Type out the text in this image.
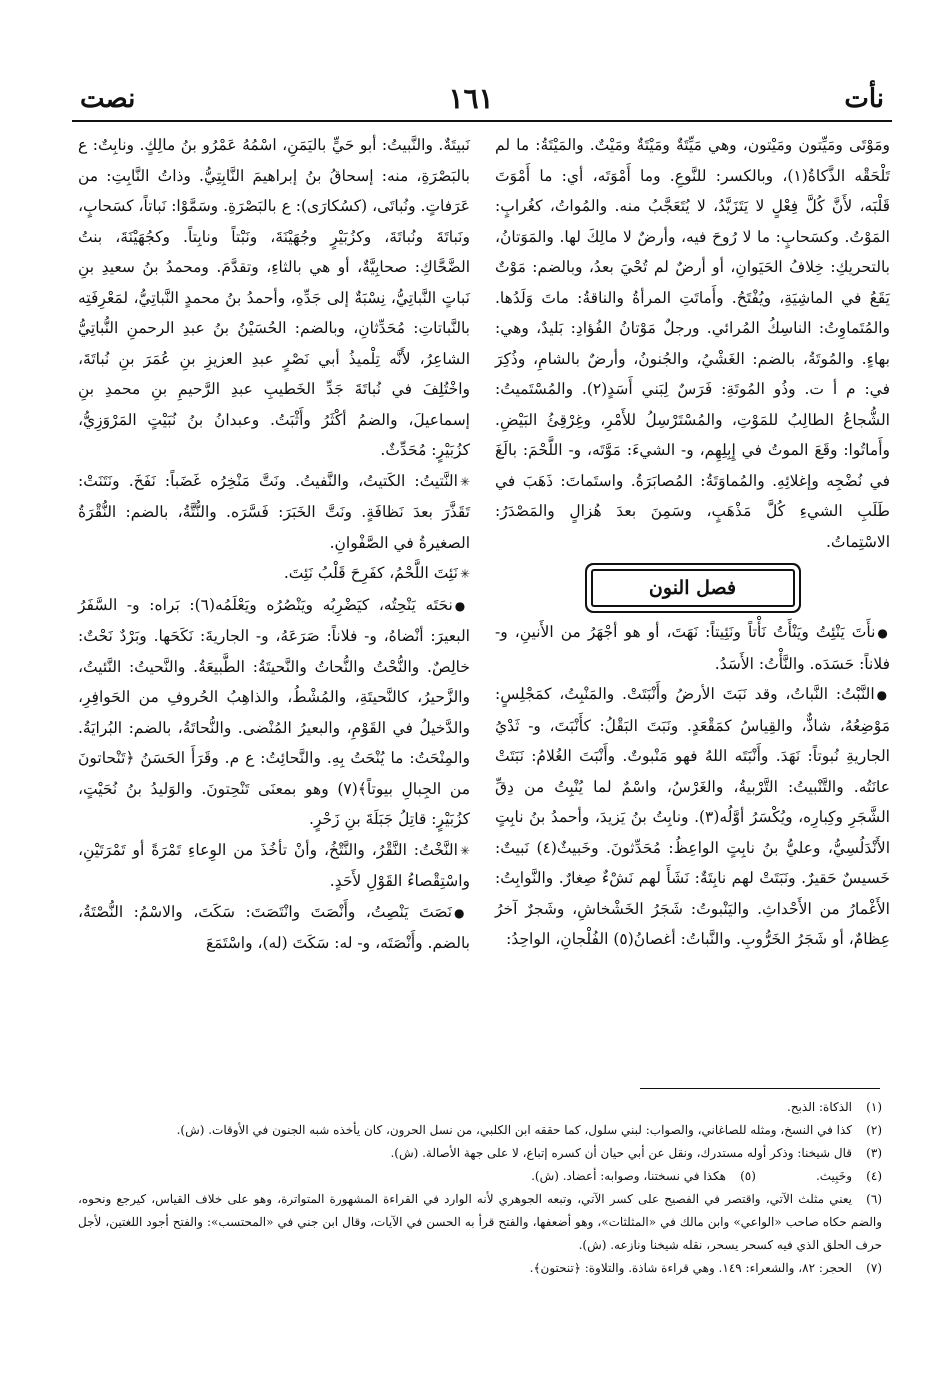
نأت
١٦١
نصت

ومَوْتَى ومَيِّتون ومَيْتون، وهي مَيِّتَةٌ ومَيْتَةٌ ومَيْتٌ. والمَيْتَةُ: ما لم تَلْحَقْه الذَّكاةُ(١)، وبالكسر: للنَّوعِ. وما أَمْوَتَه، أي: ما أَمْوَتَ قَلْبَه، لأَنَّ كُلَّ فِعْلٍ لا يَتَزَيَّدُ، لا يُتَعَجَّبُ منه. والمُواتُ، كغُرابٍ: المَوْتُ. وكسَحابٍ: ما لا رُوحَ فيه، وأرضٌ لا مالِكَ لها. والمَوَتانُ، بالتحريكِ: خِلافُ الحَيَوانِ، أو أرضٌ لم تُحْيَ بعدُ، وبالضم: مَوْتٌ يَقَعُ في الماشِيَةِ، ويُفْتَحُ. وأَماتَتِ المرأةُ والناقةُ: ماتَ وَلَدُها. والمُتَماوِتُ: الناسِكُ المُرائي. ورجلٌ مَوْتانُ الفُؤادِ: بَليدٌ، وهي: بهاءٍ. والمُوتَةُ، بالضم: الغَشْيُ، والجُنونُ، وأرضٌ بالشامِ، وذُكِرَ في: م أ ت. وذُو المُوتَةِ: فَرَسٌ لِبَني أَسَدٍ(٢). والمُسْتَميتُ: الشُّجاعُ الطالِبُ للمَوْتِ، والمُسْتَرْسِلُ للأَمْرِ، وغِرْقِئُ البَيْضِ. وأَماتُوا: وقَعَ الموتُ في إِبِلِهِم، و- الشيءَ: مَوَّتَه، و- اللَّحْمَ: بالَغَ في نُضْجِه وإغلائِهِ. والمُماوَتَةُ: المُصابَرَةُ. واستَماتَ: ذَهَبَ في طَلَبِ الشيءِ كُلَّ مَذْهَبٍ، وسَمِنَ بعدَ هُزالٍ والمَصْدَرُ: الاسْتِماتُ.

فصل النون

● نأَتَ يَنْئِتُ ويَنْأَتُ نَأْتاً ونَئِيتاً: نَهَتَ، أو هو أجْهَرُ من الأَنينِ، و- فلاناً: حَسَدَه. والنَّأْتُ: الأَسَدُ.

● النَّبْتُ: النَّباتُ، وقد نَبَتَ الأرضُ وأَنْبَتَتْ. والمَنْبِتُ، كمَجْلِسٍ: مَوْضِعُهُ، شاذٌّ، والقِياسُ كمَقْعَدٍ. ونَبَتَ البَقْلُ: كأَنْبَتَ، و- ثَدْيُ الجاريةِ نُبوتاً: نَهَدَ. وأَنْبَتَه اللهُ فهو مَنْبوتٌ. وأَنْبَتَ الغُلامُ: نَبَتَتْ عانَتُه. والتَّنْبيتُ: التَّرْبيةُ، والغَرْسُ، واسْمٌ لما يُنْبِتُ من دِقِّ الشَّجَرِ وكِبارِه، ويُكْسَرُ أوَّلُه(٣). ونابِتُ بنُ يَزيدَ، وأحمدُ بنُ نابِتٍ الأَنْدَلُسِيُّ، وعليُّ بنُ نابِتٍ الواعِظُ: مُحَدِّثونَ. وخَبيثٌ(٤) نَبيتٌ: خَسيسٌ حَقيرٌ. ونَبَتَتْ لهم نابِتَةٌ: نَشَأَ لهم نَشْءٌ صِغارٌ. والنَّوابِتُ: الأَغْمارُ من الأَحْداثِ. واليَنْبوتُ: شَجَرُ الخَشْخاشِ، وشَجرٌ آخرُ عِظامٌ، أو شَجَرُ الخَرُّوبِ. والنَّباتُ: أغصانُ(٥) الفُلْجانِ، الواحِدُ:

نَبيتَةٌ. والنَّبيتُ: أبو حَيٍّ باليَمَنِ، اسْمُهُ عَمْرُو بنُ مالِكٍ. ونابِتٌ: ع بالبَصْرَةِ، منه: إسحاقُ بنُ إبراهيمَ النَّابِتِيُّ. وذاتُ النَّابِتِ: من عَرَفاتٍ. ونُباتَى، (كسُكارَى): ع بالبَصْرَةِ. وسَمَّوْا: نَباتاً، كسَحابٍ، ونَباتَةَ ونُباتَةَ، وكزُبَيْرٍ وجُهَيْنَةَ، ونَبْتاً ونابِتاً. وكجُهَيْنَةَ، بنتُ الضَّحَّاكِ: صحابِيَّةٌ، أو هي بالثاءِ، وتقدَّمَ. ومحمدُ بنُ سعيدِ بنِ نَباتٍ النَّباتِيُّ، نِسْبَةٌ إلى جَدِّهِ، وأحمدُ بنُ محمدٍ النَّباتِيُّ، لمَعْرِفَتِه بالنَّباتاتِ: مُحَدِّثانِ، وبالضم: الحُسَيْنُ بنُ عبدِ الرحمنِ النُّباتِيُّ الشاعِرُ، لأَنَّه تِلْميذُ أبي نَصْرٍ عبدِ العزيزِ بنِ عُمَرَ بنِ نُباتَةَ، واخْتُلِفَ في نُباتَةَ جَدِّ الخَطيبِ عبدِ الرَّحيمِ بنِ محمدِ بنِ إسماعيلَ، والضمُ أكْثَرُ وأَثْبَتُ. وعبدانُ بنُ نُبَيْتٍ المَرْوَزِيُّ، كزُبَيْرٍ: مُحَدِّثٌ.

✳ النَّتيتُ: الكَتيتُ، والنَّفيتُ. ونَتَّ مَنْخِرُه غَضَباً: نَفَخَ. ونَتَنَتْ: تَقَذَّرَ بعدَ نَظافَةٍ. ونَتَّ الخَبَرَ: فَسَّرَه. والنُّتَّةُ، بالضم: النُّقْرَةُ الصغيرةُ في الصَّفْوانِ.

✳ نَئِتَ اللَّحْمُ، كفَرِحَ قَلْبُ نَئِتَ.

● نحَتَه يَنْحِتُه، كيَضْرِبُه ويَنْصُرُه ويَعْلَمُه(٦): بَراه: و- السَّفَرُ البعيرَ: أنْضاهُ، و- فلاناً: صَرَعَهُ، و- الجاريةَ: نَكَحَها. وبَرْدٌ نَحْتٌ: خالِصٌ. والنُّحْتُ والنُّحاتُ والنَّحيتَةُ: الطَّبيعَةُ. والنَّحيتُ: النَّئيتُ، والزَّحيرُ، كالنَّحيتَةِ، والمُشْطُ، والذاهِبُ الحُروفِ من الحَوافِرِ، والدَّخيلُ في القَوْمِ، والبعيرُ المُنْضى. والنُّحاتَةُ، بالضم: البُرايَةُ. والمِنْحَتُ: ما يُنْحَتُ بِهِ. والنَّحائِتُ: ع م. وقَرَأَ الحَسَنُ ﴿تَنْحاتونَ من الجِبالِ بيوتاً﴾(٧) وهو بمعنَى تَنْحِتونَ. والوَليدُ بنُ نُحَيْتٍ، كزُبَيْرٍ: قاتِلُ جَبَلَةَ بنِ زَحْرٍ.

✳ النَّخْتُ: النَّقْرُ، والنَّتْخُ، وأنْ تأخُذَ من الوِعاءِ تَمْرَةً أو تَمْرَتَيْنِ، واسْتِقْصاءُ القَوْلِ لأَحَدٍ.

● نَصَتَ يَنْصِتُ، وأَنْصَتَ وانْتَصَتَ: سَكَتَ، والاسْمُ: النُّصْتَةُ، بالضم. وأَنْصَتَه، و- له: سَكَتَ (له)، واسْتَمَعَ

(١)الذكاة: الذبح.

(٢)كذا في النسخ، ومثله للصاغاني، والصواب: لبني سلول، كما حققه ابن الكلبي، من نسل الحرون، كان يأخذه شبه الجنون في الأوقات. (ش).

(٣)قال شيخنا: وذكر أوله مستدرك، ونقل عن أبي حيان أن كسره إتباع، لا على جهة الأصالة. (ش).

(٤)وخَبِيث.
(٥)هكذا في نسختنا، وصوابه: أعضاد. (ش).

(٦)يعني مثلث الآتي، واقتصر في الفصيح على كسر الآتي، وتبعه الجوهري لأنه الوارد في القراءة المشهورة المتواترة، وهو على خلاف القياس، كيرجع ونحوه، والضم حكاه صاحب «الواعي» وابن مالك في «المثلثات»، وهو أضعفها، والفتح قرأ به الحسن في الآيات، وقال ابن جني في «المحتسب»: والفتح أجود اللغتين، لأجل حرف الحلق الذي فيه كسحر يسحر، نقله شيخنا ونازعه. (ش).

(٧)الحجر: ٨٢، والشعراء: ١٤٩. وهي قراءة شاذة. والتلاوة: ﴿تنحتون﴾.
